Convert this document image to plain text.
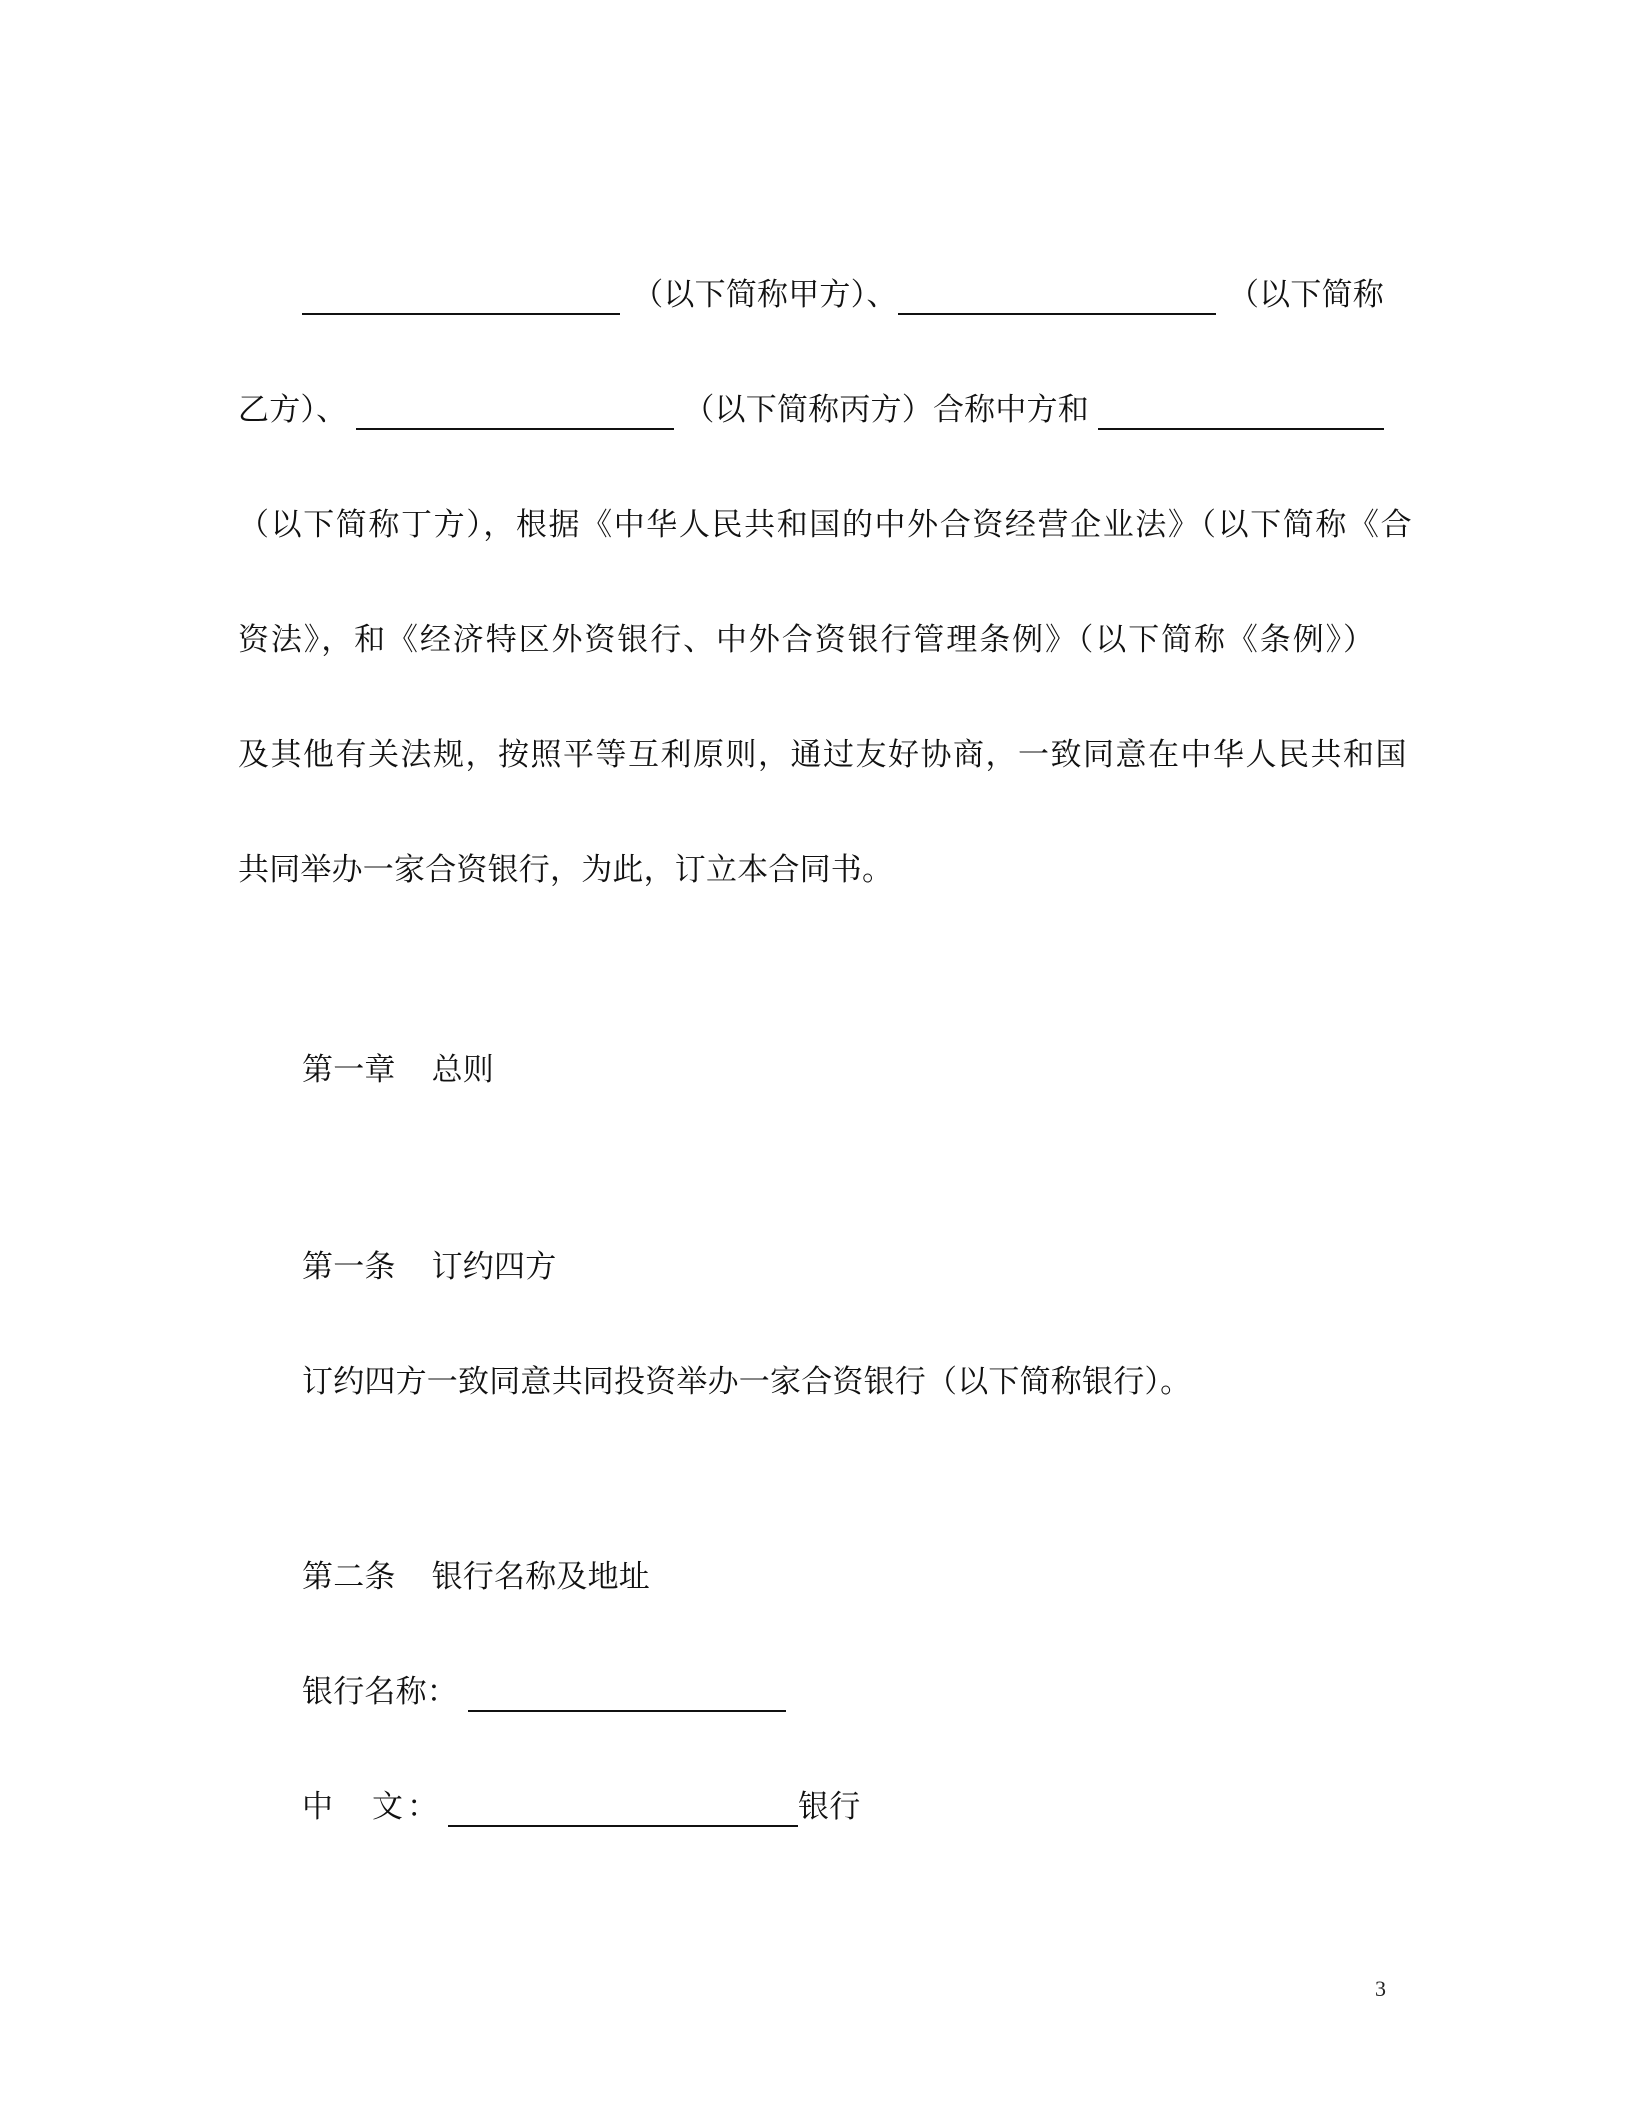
（以下简称甲方）、	（以下简称
乙方）、	（以下简称丙方）合称中方和
（以下简称丁方），根据《中华人民共和国的中外合资经营企业法》（以下简称《合
资法》，和《经济特区外资银行、中外合资银行管理条例》（以下简称《条例》）
及其他有关法规，按照平等互利原则，通过友好协商，一致同意在中华人民共和国
共同举办一家合资银行，为此，订立本合同书。
第一章 总则
第一条 订约四方
订约四方一致同意共同投资举办一家合资银行（以下简称银行）。
第二条 银行名称及地址
银行名称：
中　文：	银行
3
